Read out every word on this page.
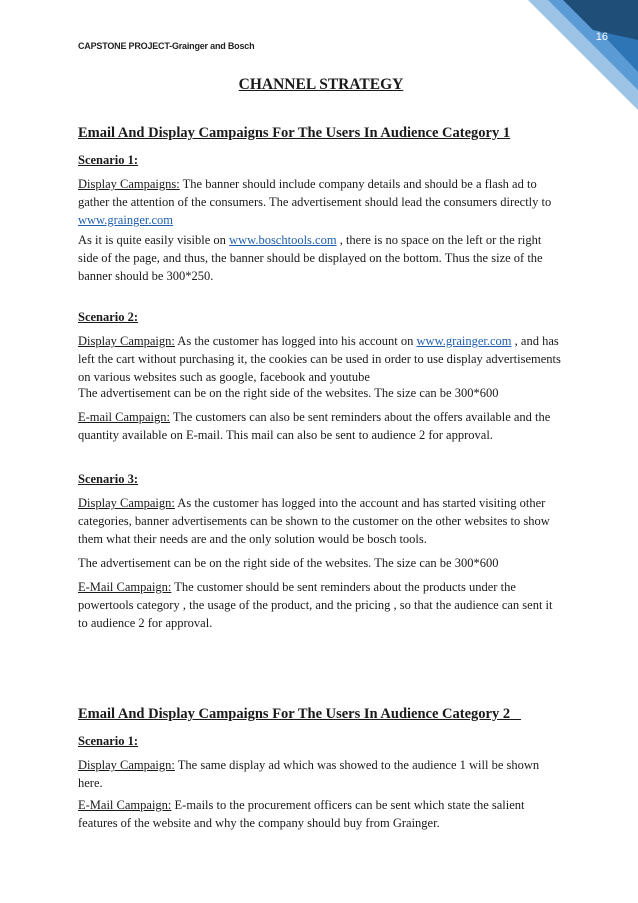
16
CAPSTONE PROJECT-Grainger and Bosch
CHANNEL STRATEGY
Email And Display Campaigns For The Users In Audience Category 1
Scenario 1:

Display Campaigns: The banner should include company details and should be a flash ad to gather the attention of the consumers. The advertisement should lead the consumers directly to www.grainger.com

As it is quite easily visible on www.boschtools.com , there is no space on the left or the right side of the page, and thus, the banner should be displayed on the bottom. Thus the size of the banner should be 300*250.

Scenario 2:

Display Campaign: As the customer has logged into his account on www.grainger.com , and has left the cart without purchasing it, the cookies can be used in order to use display advertisements on various websites such as google, facebook and youtube

The advertisement can be on the right side of the websites. The size can be 300*600

E-mail Campaign: The customers can also be sent reminders about the offers available and the quantity available on E-mail. This mail can also be sent to audience 2 for approval.

Scenario 3:

Display Campaign: As the customer has logged into the account and has started visiting other categories, banner advertisements can be shown to the customer on the other websites to show them what their needs are and the only solution would be bosch tools.

The advertisement can be on the right side of the websites. The size can be 300*600

E-Mail Campaign: The customer should be sent reminders about the products under the powertools category , the usage of the product, and the pricing , so that the audience can sent it to audience 2 for approval.

Email And Display Campaigns For The Users In Audience Category 2
Scenario 1:

Display Campaign: The same display ad which was showed to the audience 1 will be shown here.

E-Mail Campaign: E-mails to the procurement officers can be sent which state the salient features of the website and why the company should buy from Grainger.
